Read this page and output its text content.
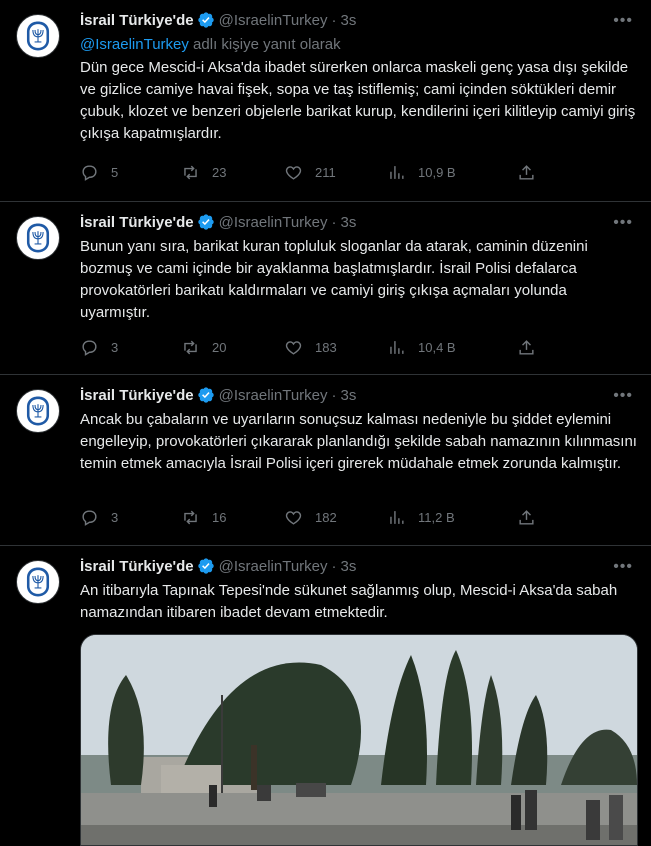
İsrail Türkiye'de @IsraelinTurkey · 3s	•••
@IsraelinTurkey adlı kişiye yanıt olarak
Dün gece Mescid-i Aksa'da ibadet sürerken onlarca maskeli genç yasa dışı şekilde ve gizlice camiye havai fişek, sopa ve taş istiflemiş; cami içinden söktükleri demir çubuk, klozet ve benzeri objelerle barikat kurup, kendilerini içeri kilitleyip camiyi giriş çıkışa kapatmışlardır.
5	23	211	10,9 B
İsrail Türkiye'de @IsraelinTurkey · 3s	•••
Bunun yanı sıra, barikat kuran topluluk sloganlar da atarak, caminin düzenini bozmuş ve cami içinde bir ayaklanma başlatmışlardır. İsrail Polisi defalarca provokatörleri barikatı kaldırmaları ve camiyi giriş çıkışa açmaları yolunda uyarmıştır.
3	20	183	10,4 B
İsrail Türkiye'de @IsraelinTurkey · 3s	•••
Ancak bu çabaların ve uyarıların sonuçsuz kalması nedeniyle bu şiddet eylemini engelleyip, provokatörleri çıkararak planlandığı şekilde sabah namazının kılınmasını temin etmek amacıyla İsrail Polisi içeri girerek müdahale etmek zorunda kalmıştır.
3	16	182	11,2 B
İsrail Türkiye'de @IsraelinTurkey · 3s	•••
An itibarıyla Tapınak Tepesi'nde sükunet sağlanmış olup, Mescid-i Aksa'da sabah namazından itibaren ibadet devam etmektedir.
